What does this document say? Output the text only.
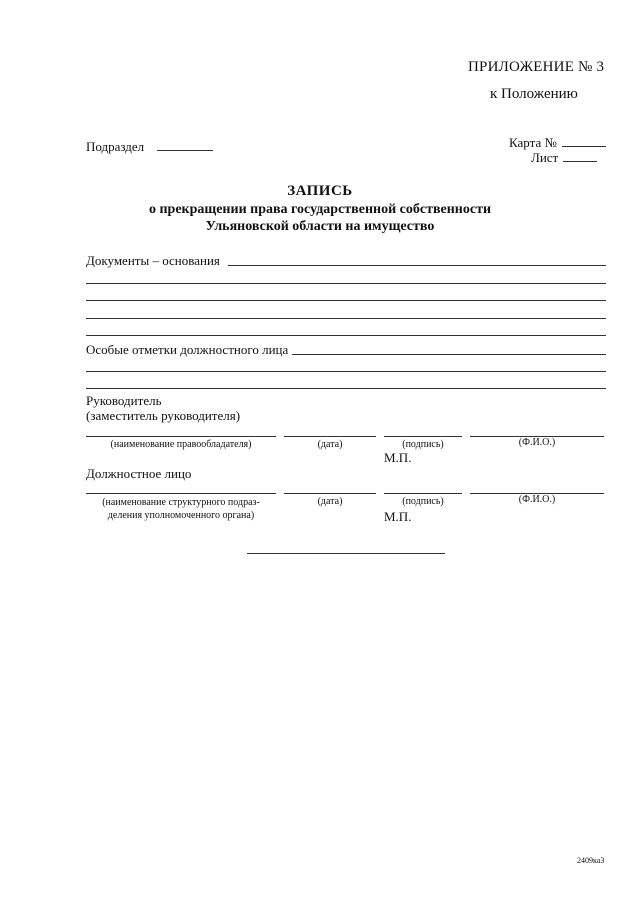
ПРИЛОЖЕНИЕ № 3
к Положению
Подраздел	Карта №
Лист
ЗАПИСЬ
о прекращении права государственной собственности
Ульяновской области на имущество
Документы – основания
Особые отметки должностного лица
Руководитель
(заместитель руководителя)
(наименование правообладателя)	(дата)	(подпись)	(Ф.И.О.)
М.П.
Должностное лицо
(наименование структурного подраз-
деления уполномоченного органа)
(дата)	(подпись)	(Ф.И.О.)
М.П.
2409ка3
